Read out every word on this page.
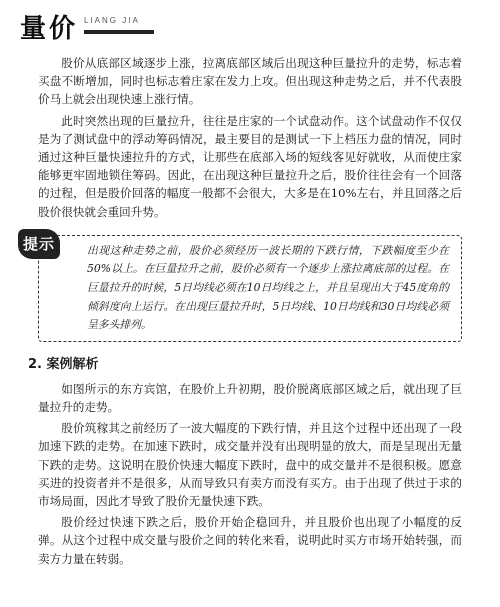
量价 LIANG JIA

股价从底部区域逐步上涨，拉离底部区域后出现这种巨量拉升的走势，标志着买盘不断增加，同时也标志着庄家在发力上攻。但出现这种走势之后，并不代表股价马上就会出现快速上涨行情。

此时突然出现的巨量拉升，往往是庄家的一个试盘动作。这个试盘动作不仅仅是为了测试盘中的浮动筹码情况，最主要目的是测试一下上档压力盘的情况，同时通过这种巨量快速拉升的方式，让那些在底部入场的短线客见好就收，从而使庄家能够更牢固地锁住筹码。因此，在出现这种巨量拉升之后，股价往往会有一个回落的过程，但是股价回落的幅度一般都不会很大，大多是在10%左右，并且回落之后股价很快就会重回升势。

提示	出现这种走势之前，股价必须经历一波长期的下跌行情，下跌幅度至少在50%以上。在巨量拉升之前，股价必须有一个逐步上涨拉离底部的过程。在巨量拉升的时候，5日均线必须在10日均线之上，并且呈现出大于45度角的倾斜度向上运行。在出现巨量拉升时，5日均线、10日均线和30日均线必须呈多头排列。

2. 案例解析

如图所示的东方宾馆，在股价上升初期，股价脱离底部区域之后，就出现了巨量拉升的走势。

股价筑稼其之前经历了一波大幅度的下跌行情，并且这个过程中还出现了一段加速下跌的走势。在加速下跌时，成交量并没有出现明显的放大，而是呈现出无量下跌的走势。这说明在股价快速大幅度下跌时，盘中的成交量并不是很积极。愿意买进的投资者并不是很多，从而导致只有卖方而没有买方。由于出现了供过于求的市场局面，因此才导致了股价无量快速下跌。

股价经过快速下跌之后，股价开始企稳回升，并且股价也出现了小幅度的反弹。从这个过程中成交量与股价之间的转化来看，说明此时买方市场开始转强，而卖方力量在转弱。
